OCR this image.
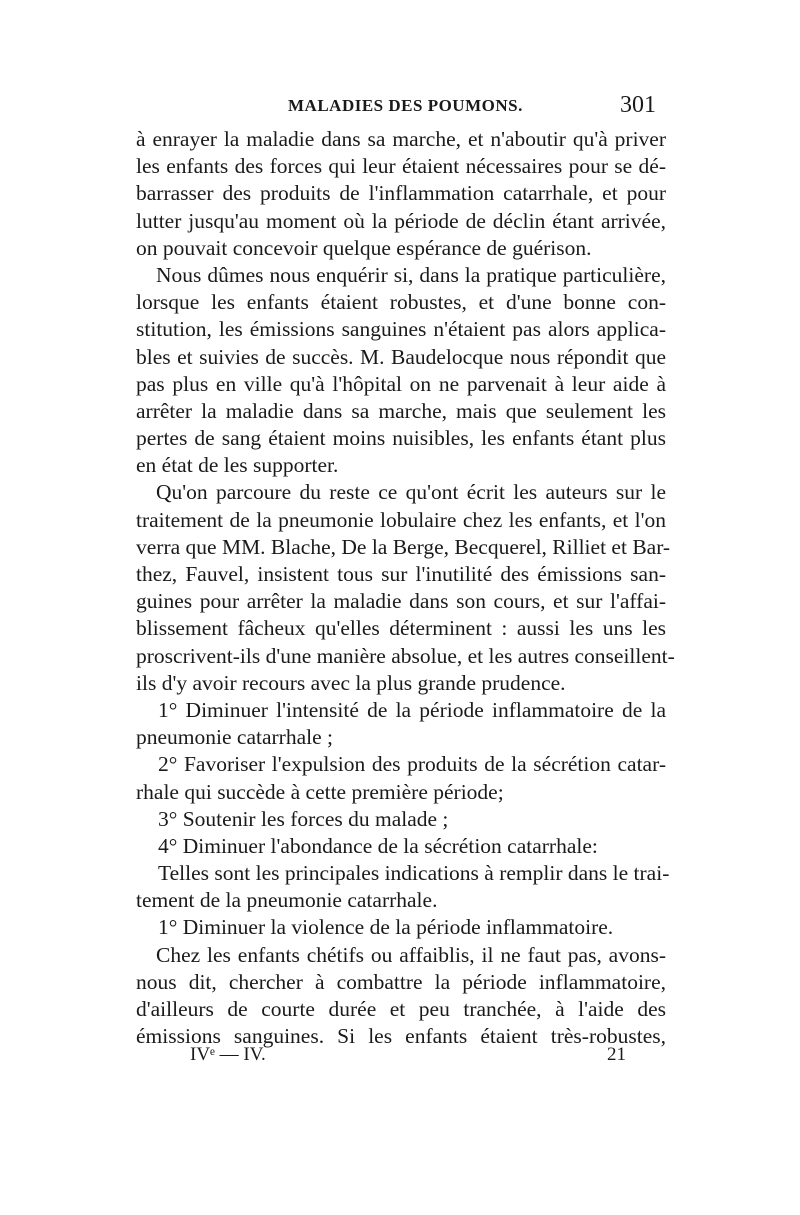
MALADIES DES POUMONS.	301
à enrayer la maladie dans sa marche, et n'aboutir qu'à priver
les enfants des forces qui leur étaient nécessaires pour se dé-
barrasser des produits de l'inflammation catarrhale, et pour
lutter jusqu'au moment où la période de déclin étant arrivée,
on pouvait concevoir quelque espérance de guérison.
Nous dûmes nous enquérir si, dans la pratique particulière,
lorsque les enfants étaient robustes, et d'une bonne con-
stitution, les émissions sanguines n'étaient pas alors applica-
bles et suivies de succès. M. Baudelocque nous répondit que
pas plus en ville qu'à l'hôpital on ne parvenait à leur aide à
arrêter la maladie dans sa marche, mais que seulement les
pertes de sang étaient moins nuisibles, les enfants étant plus
en état de les supporter.
Qu'on parcoure du reste ce qu'ont écrit les auteurs sur le
traitement de la pneumonie lobulaire chez les enfants, et l'on
verra que MM. Blache, De la Berge, Becquerel, Rilliet et Bar-
thez, Fauvel, insistent tous sur l'inutilité des émissions san-
guines pour arrêter la maladie dans son cours, et sur l'affai-
blissement fâcheux qu'elles déterminent : aussi les uns les
proscrivent-ils d'une manière absolue, et les autres conseillent-
ils d'y avoir recours avec la plus grande prudence.
1° Diminuer l'intensité de la période inflammatoire de la
pneumonie catarrhale ;
2° Favoriser l'expulsion des produits de la sécrétion catar-
rhale qui succède à cette première période;
3° Soutenir les forces du malade ;
4° Diminuer l'abondance de la sécrétion catarrhale:
Telles sont les principales indications à remplir dans le trai-
tement de la pneumonie catarrhale.
1° Diminuer la violence de la période inflammatoire.
Chez les enfants chétifs ou affaiblis, il ne faut pas, avons-
nous dit, chercher à combattre la période inflammatoire,
d'ailleurs de courte durée et peu tranchée, à l'aide des
émissions sanguines. Si les enfants étaient très-robustes,
IVᵉ — IV.	21
